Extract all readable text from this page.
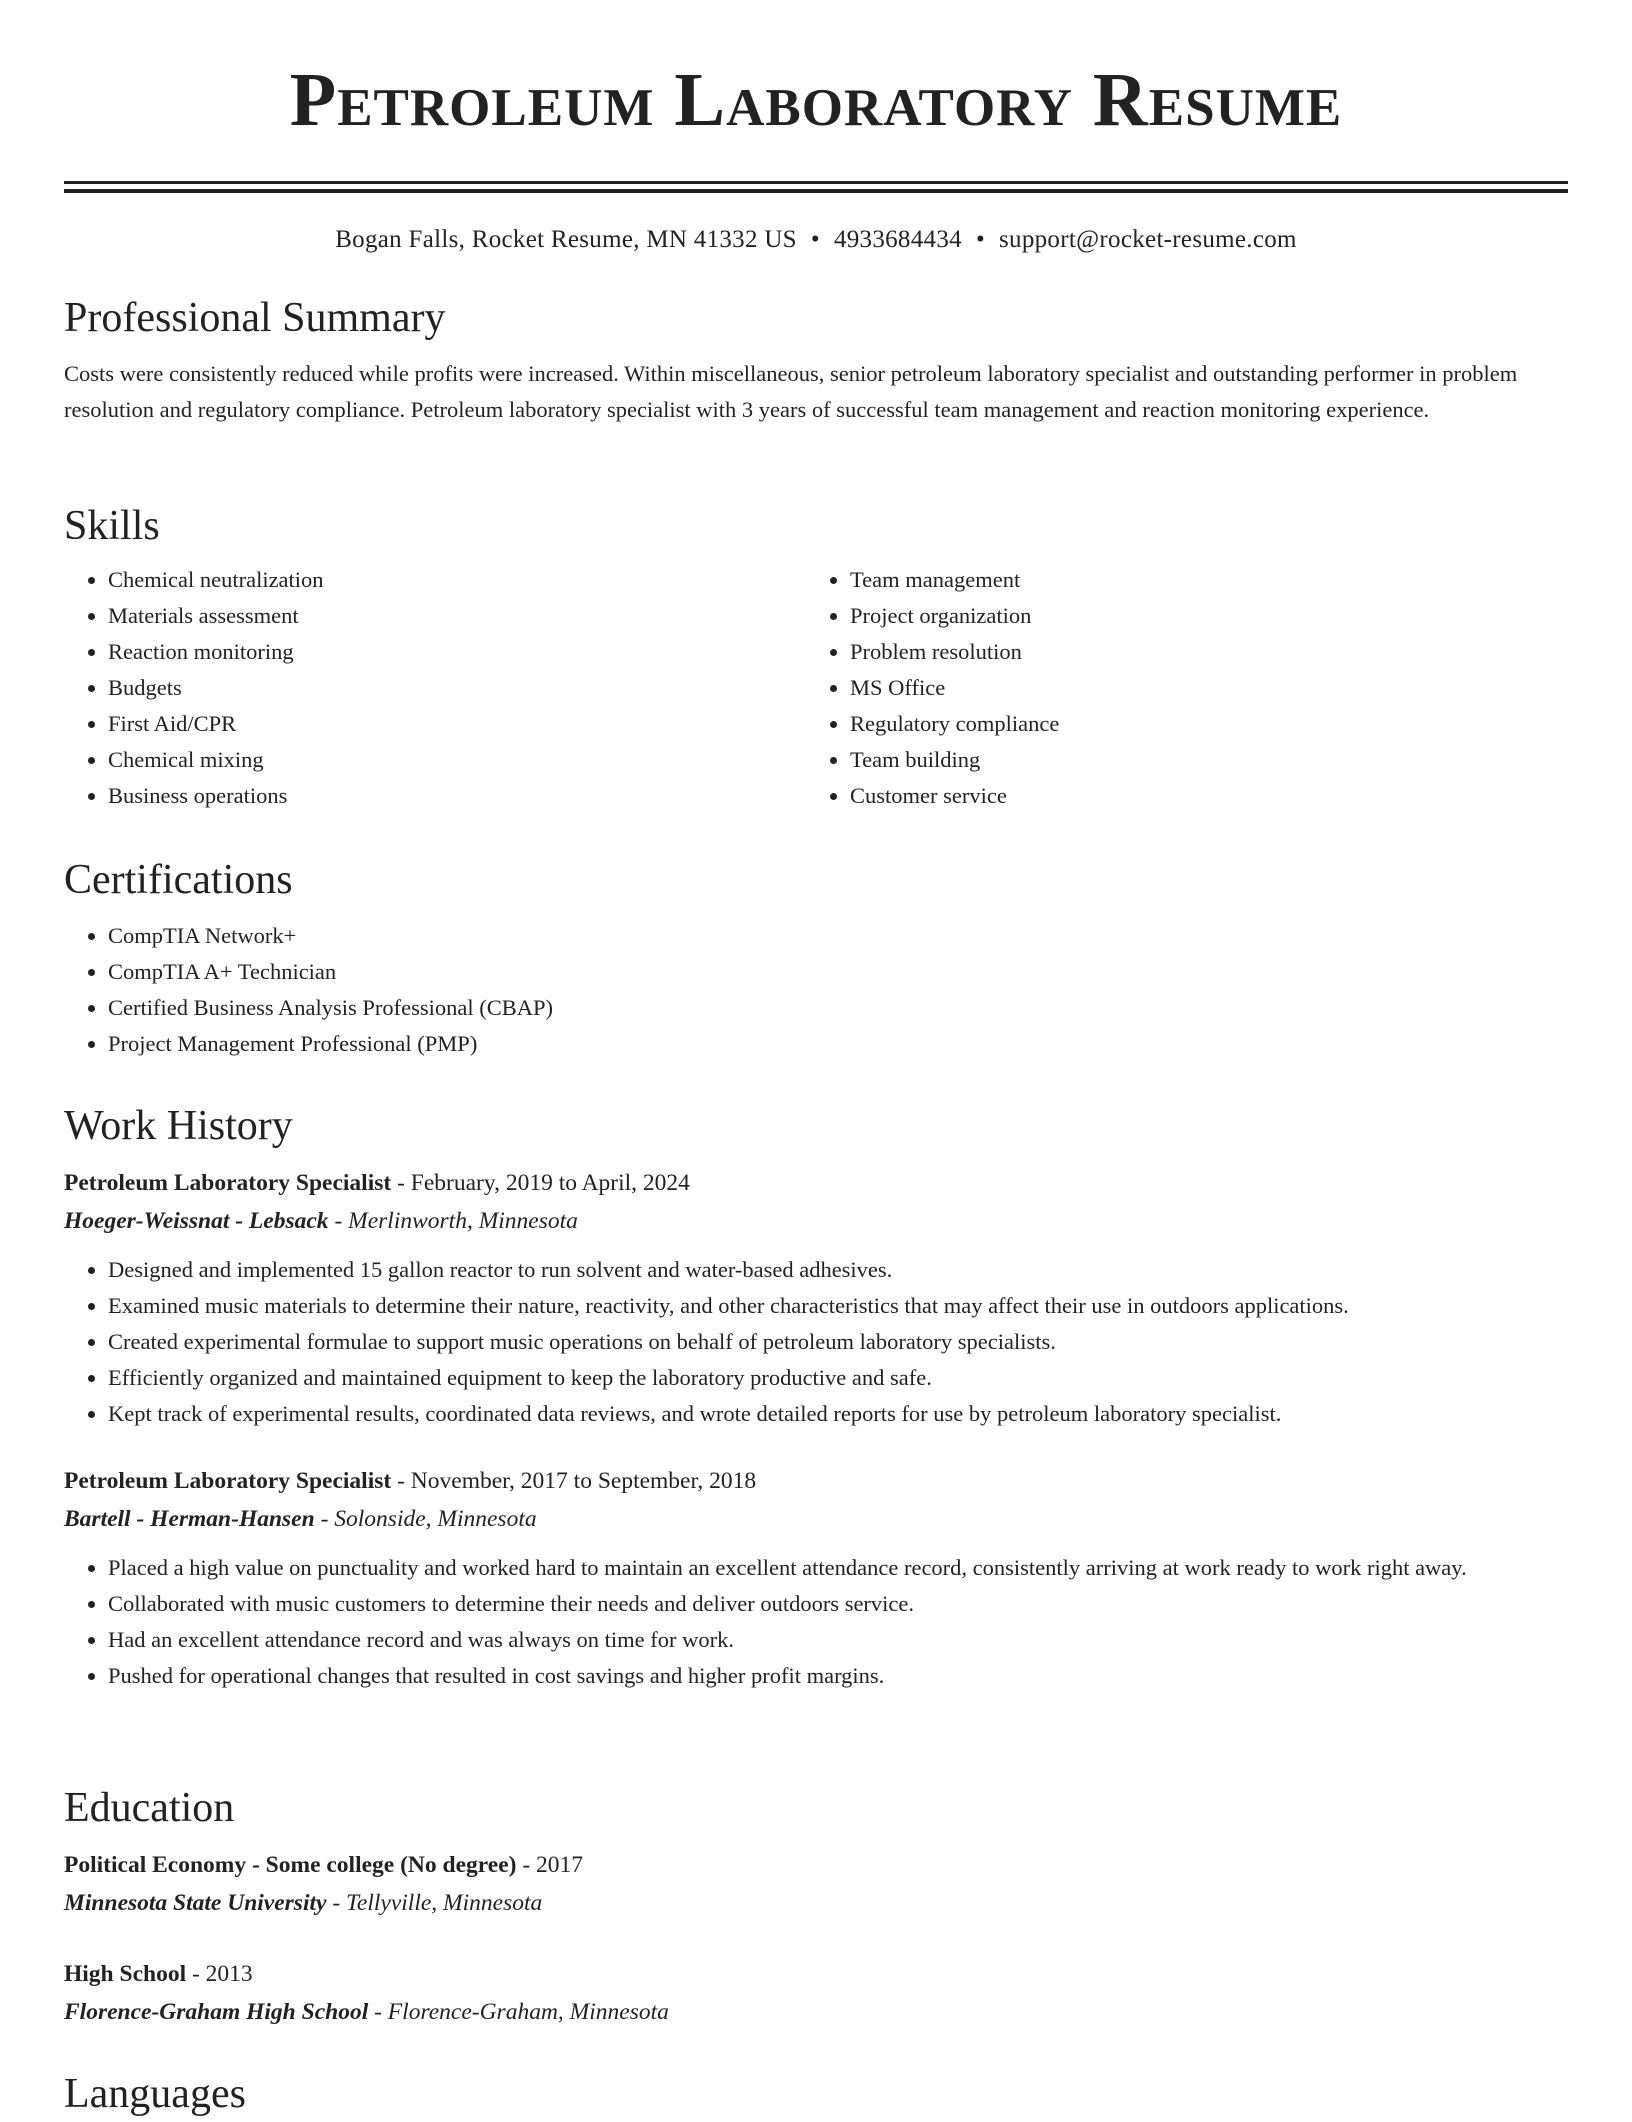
Petroleum Laboratory Resume
Bogan Falls, Rocket Resume, MN 41332 US • 4933684434 • support@rocket-resume.com
Professional Summary

Costs were consistently reduced while profits were increased. Within miscellaneous, senior petroleum laboratory specialist and outstanding performer in problem resolution and regulatory compliance. Petroleum laboratory specialist with 3 years of successful team management and reaction monitoring experience.

Skills
• Chemical neutralization
• Materials assessment
• Reaction monitoring
• Budgets
• First Aid/CPR
• Chemical mixing
• Business operations
• Team management
• Project organization
• Problem resolution
• MS Office
• Regulatory compliance
• Team building
• Customer service
Certifications
• CompTIA Network+
• CompTIA A+ Technician
• Certified Business Analysis Professional (CBAP)
• Project Management Professional (PMP)
Work History
Petroleum Laboratory Specialist - February, 2019 to April, 2024
Hoeger-Weissnat - Lebsack - Merlinworth, Minnesota
• Designed and implemented 15 gallon reactor to run solvent and water-based adhesives.
• Examined music materials to determine their nature, reactivity, and other characteristics that may affect their use in outdoors applications.
• Created experimental formulae to support music operations on behalf of petroleum laboratory specialists.
• Efficiently organized and maintained equipment to keep the laboratory productive and safe.
• Kept track of experimental results, coordinated data reviews, and wrote detailed reports for use by petroleum laboratory specialist.
Petroleum Laboratory Specialist - November, 2017 to September, 2018
Bartell - Herman-Hansen - Solonside, Minnesota
• Placed a high value on punctuality and worked hard to maintain an excellent attendance record, consistently arriving at work ready to work right away.
• Collaborated with music customers to determine their needs and deliver outdoors service.
• Had an excellent attendance record and was always on time for work.
• Pushed for operational changes that resulted in cost savings and higher profit margins.
Education
Political Economy - Some college (No degree) - 2017
Minnesota State University - Tellyville, Minnesota
High School - 2013
Florence-Graham High School - Florence-Graham, Minnesota
Languages
